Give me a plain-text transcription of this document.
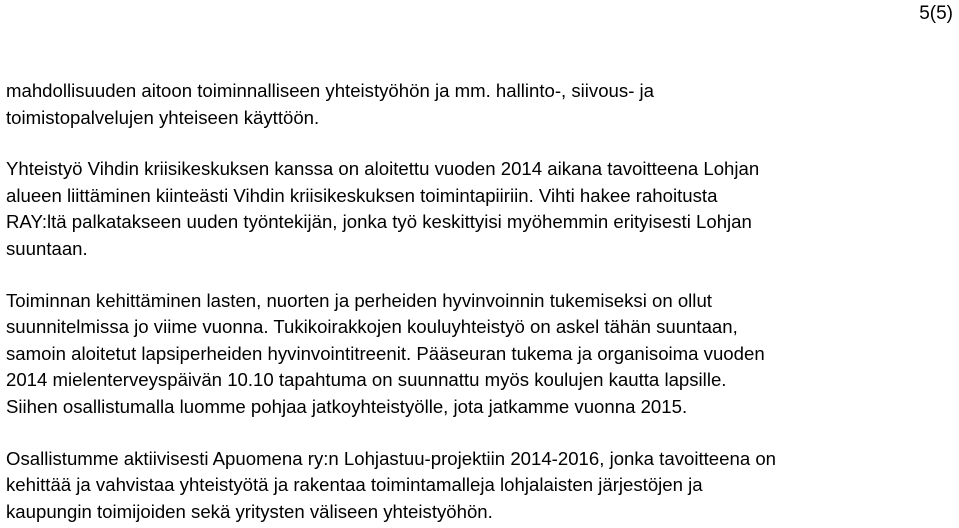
5(5)

mahdollisuuden aitoon toiminnalliseen yhteistyöhön ja mm. hallinto-, siivous- ja
toimistopalvelujen yhteiseen käyttöön.

Yhteistyö Vihdin kriisikeskuksen kanssa on aloitettu vuoden 2014 aikana tavoitteena Lohjan
alueen liittäminen kiinteästi Vihdin kriisikeskuksen toimintapiiriin. Vihti hakee rahoitusta
RAY:ltä palkatakseen uuden työntekijän, jonka työ keskittyisi myöhemmin erityisesti Lohjan
suuntaan.

Toiminnan kehittäminen lasten, nuorten ja perheiden hyvinvoinnin tukemiseksi on ollut
suunnitelmissa jo viime vuonna. Tukikoirakkojen kouluyhteistyö on askel tähän suuntaan,
samoin aloitetut lapsiperheiden hyvinvointitreenit. Pääseuran tukema ja organisoima vuoden
2014 mielenterveyspäivän 10.10 tapahtuma on suunnattu myös koulujen kautta lapsille.
Siihen osallistumalla luomme pohjaa jatkoyhteistyölle, jota jatkamme vuonna 2015.

Osallistumme aktiivisesti Apuomena ry:n Lohjastuu-projektiin 2014-2016, jonka tavoitteena on
kehittää ja vahvistaa yhteistyötä ja rakentaa toimintamalleja lohjalaisten järjestöjen ja
kaupungin toimijoiden sekä yritysten väliseen yhteistyöhön.
